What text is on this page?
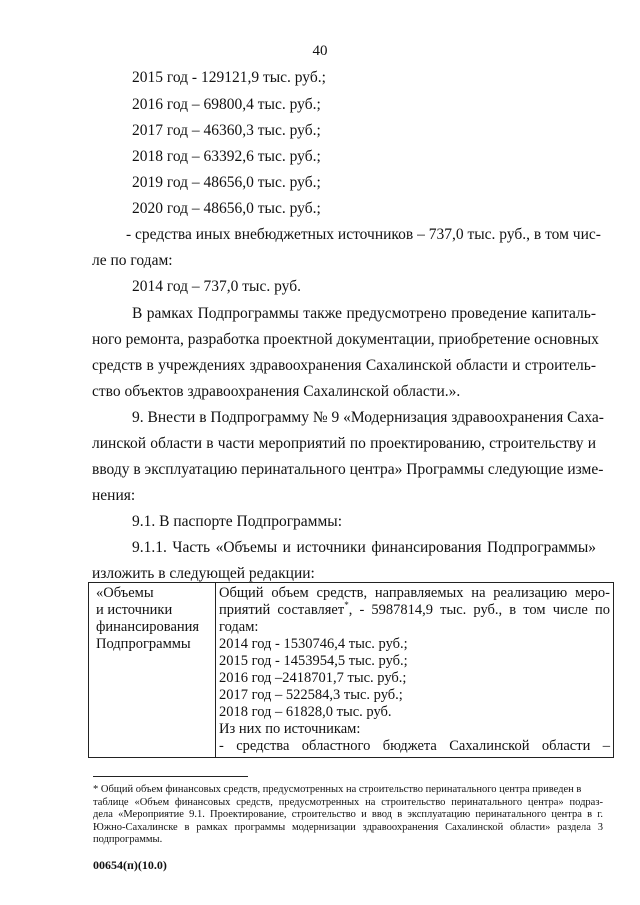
40
2015 год - 129121,9 тыс. руб.;
2016 год – 69800,4 тыс. руб.;
2017 год – 46360,3 тыс. руб.;
2018 год – 63392,6 тыс. руб.;
2019 год – 48656,0 тыс. руб.;
2020 год – 48656,0 тыс. руб.;
- средства иных внебюджетных источников – 737,0 тыс. руб., в том чис-
ле по годам:
2014 год – 737,0 тыс. руб.
В рамках Подпрограммы также предусмотрено проведение капиталь-
ного ремонта, разработка проектной документации, приобретение основных
средств в учреждениях здравоохранения Сахалинской области и строитель-
ство объектов здравоохранения Сахалинской области.».
9. Внести в Подпрограмму № 9 «Модернизация здравоохранения Саха-
линской области в части мероприятий по проектированию, строительству и
вводу в эксплуатацию перинатального центра» Программы следующие изме-
нения:
9.1. В паспорте Подпрограммы:
9.1.1. Часть «Объемы и источники финансирования Подпрограммы»
изложить в следующей редакции:
«Объемы
и источники
финансирования
Подпрограммы

Общий объем средств, направляемых на реализацию меро-
приятий составляет*, - 5987814,9 тыс. руб., в том числе по
годам:
2014 год - 1530746,4 тыс. руб.;
2015 год - 1453954,5 тыс. руб.;
2016 год –2418701,7 тыс. руб.;
2017 год – 522584,3 тыс. руб.;
2018 год – 61828,0 тыс. руб.
Из них по источникам:
- средства областного бюджета Сахалинской области –
* Общий объем финансовых средств, предусмотренных на строительство перинатального центра приведен в
таблице «Объем финансовых средств, предусмотренных на строительство перинатального центра» подраз-
дела «Мероприятие 9.1. Проектирование, строительство и ввод в эксплуатацию перинатального центра в г.
Южно-Сахалинске в рамках программы модернизации здравоохранения Сахалинской области» раздела 3
подпрограммы.
00654(п)(10.0)
